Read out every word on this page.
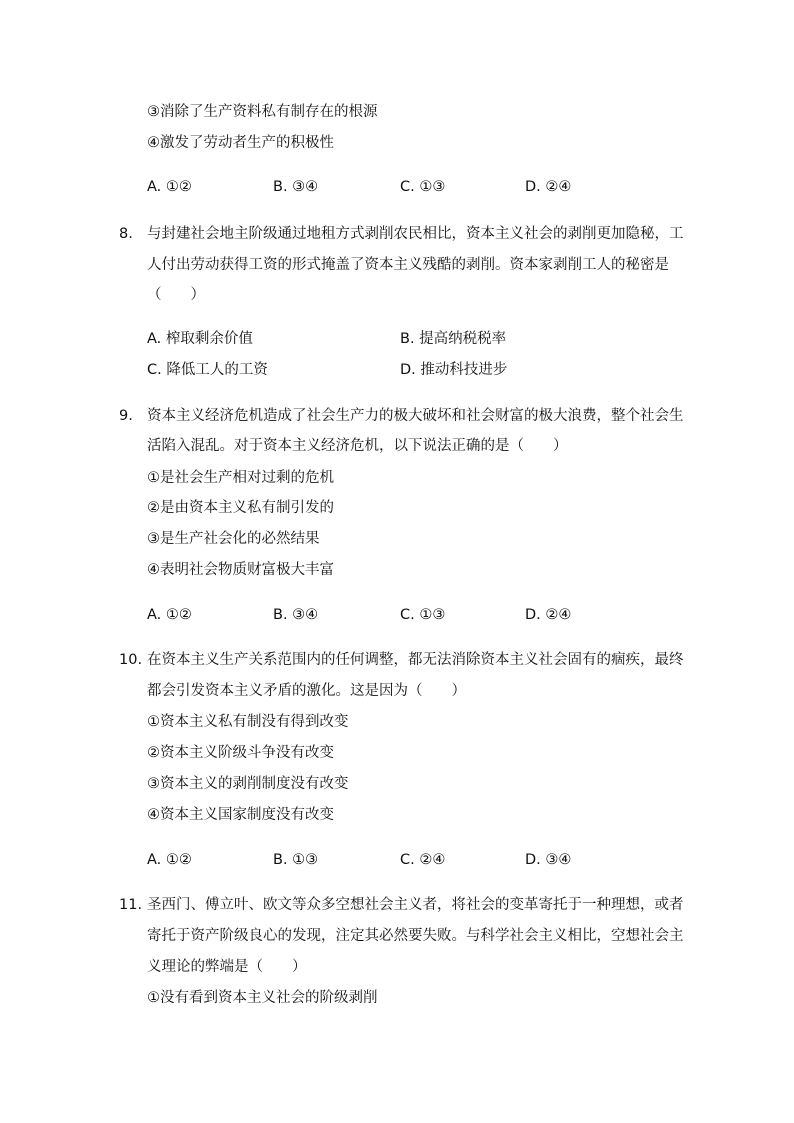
③消除了生产资料私有制存在的根源
④激发了劳动者生产的积极性
A. ①②	B. ③④	C. ①③	D. ②④
8. 与封建社会地主阶级通过地租方式剥削农民相比，资本主义社会的剥削更加隐秘，工
人付出劳动获得工资的形式掩盖了资本主义残酷的剥削。资本家剥削工人的秘密是
（　　）
A. 榨取剩余价值	B. 提高纳税税率
C. 降低工人的工资	D. 推动科技进步
9. 资本主义经济危机造成了社会生产力的极大破坏和社会财富的极大浪费，整个社会生
活陷入混乱。对于资本主义经济危机，以下说法正确的是（　　）
①是社会生产相对过剩的危机
②是由资本主义私有制引发的
③是生产社会化的必然结果
④表明社会物质财富极大丰富
A. ①②	B. ③④	C. ①③	D. ②④
10. 在资本主义生产关系范围内的任何调整，都无法消除资本主义社会固有的痼疾，最终
都会引发资本主义矛盾的激化。这是因为（　　）
①资本主义私有制没有得到改变
②资本主义阶级斗争没有改变
③资本主义的剥削制度没有改变
④资本主义国家制度没有改变
A. ①②	B. ①③	C. ②④	D. ③④
11. 圣西门、傅立叶、欧文等众多空想社会主义者，将社会的变革寄托于一种理想，或者
寄托于资产阶级良心的发现，注定其必然要失败。与科学社会主义相比，空想社会主
义理论的弊端是（　　）
①没有看到资本主义社会的阶级剥削
